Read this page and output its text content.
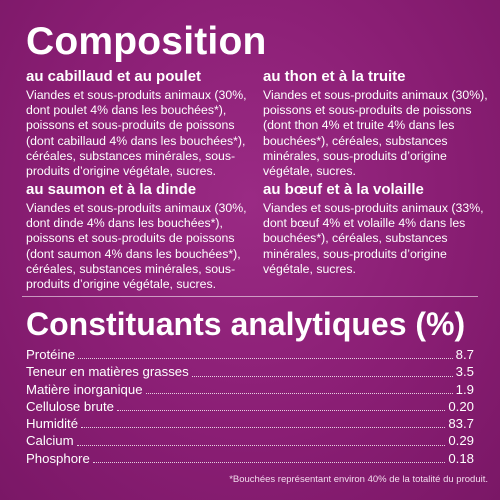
Composition
au cabillaud et au poulet

Viandes et sous-produits animaux (30%, dont poulet 4% dans les bouchées*), poissons et sous-produits de poissons (dont cabillaud 4% dans les bouchées*), céréales, substances minérales, sous-produits d’origine végétale, sucres.

au thon et à la truite

Viandes et sous-produits animaux (30%), poissons et sous-produits de poissons (dont thon 4% et truite 4% dans les bouchées*), céréales, substances minérales, sous-produits d’origine végétale, sucres.

au saumon et à la dinde

Viandes et sous-produits animaux (30%, dont dinde 4% dans les bouchées*), poissons et sous-produits de poissons (dont saumon 4% dans les bouchées*), céréales, substances minérales, sous-produits d’origine végétale, sucres.

au bœuf et à la volaille

Viandes et sous-produits animaux (33%, dont bœuf 4% et volaille 4% dans les bouchées*), céréales, substances minérales, sous-produits d’origine végétale, sucres.

Constituants analytiques (%)
Protéine	8.7
Teneur en matières grasses	3.5
Matière inorganique	1.9
Cellulose brute	0.20
Humidité	83.7
Calcium	0.29
Phosphore	0.18
*Bouchées représentant environ 40% de la totalité du produit.
